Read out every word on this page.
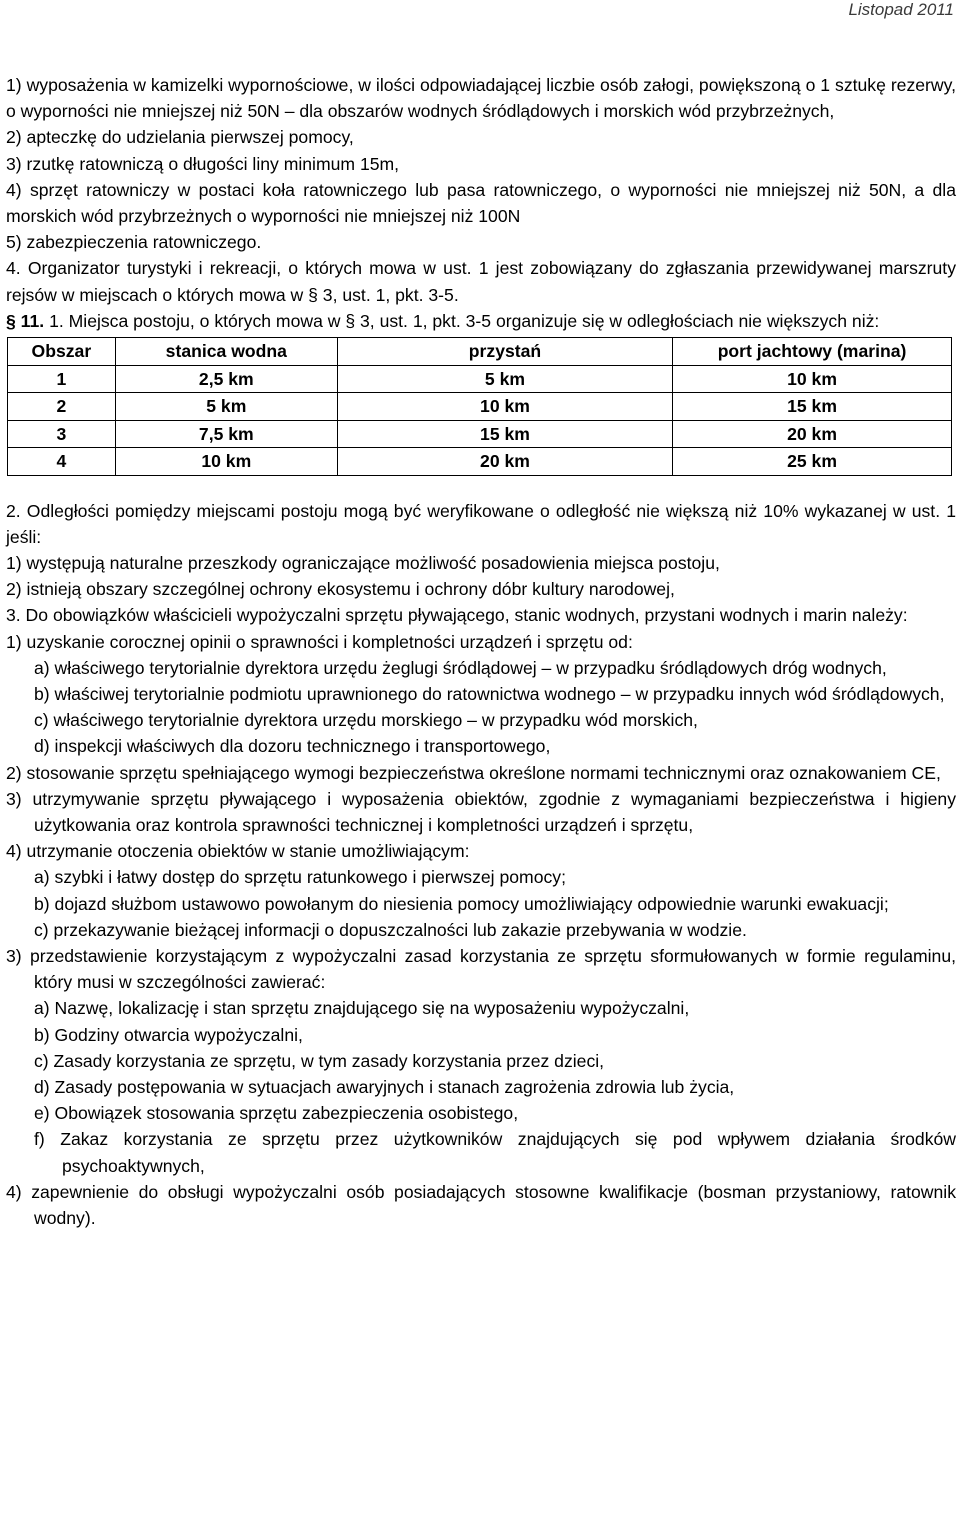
Listopad 2011

1) wyposażenia w kamizelki wypornościowe, w ilości odpowiadającej liczbie osób załogi, powiększoną o 1 sztukę rezerwy, o wyporności nie mniejszej niż 50N – dla obszarów wodnych śródlądowych i morskich wód przybrzeżnych,

2) apteczkę do udzielania pierwszej pomocy,

3) rzutkę ratowniczą o długości liny minimum 15m,

4) sprzęt ratowniczy w postaci koła ratowniczego lub pasa ratowniczego, o wyporności nie mniejszej niż 50N, a dla morskich wód przybrzeżnych o wyporności nie mniejszej niż 100N

5) zabezpieczenia ratowniczego.

4. Organizator turystyki i rekreacji, o których mowa w ust. 1 jest zobowiązany do zgłaszania przewidywanej marszruty rejsów w miejscach o których mowa w § 3, ust. 1, pkt. 3-5.

§ 11. 1. Miejsca postoju, o których mowa w § 3, ust. 1, pkt. 3-5 organizuje się w odległościach nie większych niż:

Obszar	stanica wodna	przystań	port jachtowy (marina)
1	2,5 km	5 km	10 km
2	5 km	10 km	15 km
3	7,5 km	15 km	20 km
4	10 km	20 km	25 km

2. Odległości pomiędzy miejscami postoju mogą być weryfikowane o odległość nie większą niż 10% wykazanej w ust. 1 jeśli:

1) występują naturalne przeszkody ograniczające możliwość posadowienia miejsca postoju,

2) istnieją obszary szczególnej ochrony ekosystemu i ochrony dóbr kultury narodowej,

3. Do obowiązków właścicieli wypożyczalni sprzętu pływającego, stanic wodnych, przystani wodnych i marin należy:

1) uzyskanie corocznej opinii o sprawności i kompletności urządzeń i sprzętu od:

a) właściwego terytorialnie dyrektora urzędu żeglugi śródlądowej – w przypadku śródlądowych dróg wodnych,

b) właściwej terytorialnie podmiotu uprawnionego do ratownictwa wodnego – w przypadku innych wód śródlądowych,

c) właściwego terytorialnie dyrektora urzędu morskiego – w przypadku wód morskich,

d) inspekcji właściwych dla dozoru technicznego i transportowego,

2) stosowanie sprzętu spełniającego wymogi bezpieczeństwa określone normami technicznymi oraz oznakowaniem CE,

3) utrzymywanie sprzętu pływającego i wyposażenia obiektów, zgodnie z wymaganiami bezpieczeństwa i higieny użytkowania oraz kontrola sprawności technicznej i kompletności urządzeń i sprzętu,

4) utrzymanie otoczenia obiektów w stanie umożliwiającym:

a) szybki i łatwy dostęp do sprzętu ratunkowego i pierwszej pomocy;

b) dojazd służbom ustawowo powołanym do niesienia pomocy umożliwiający odpowiednie warunki ewakuacji;

c) przekazywanie bieżącej informacji o dopuszczalności lub zakazie przebywania w wodzie.

3) przedstawienie korzystającym z wypożyczalni zasad korzystania ze sprzętu sformułowanych w formie regulaminu, który musi w szczególności zawierać:

a) Nazwę, lokalizację i stan sprzętu znajdującego się na wyposażeniu wypożyczalni,

b) Godziny otwarcia wypożyczalni,

c) Zasady korzystania ze sprzętu, w tym zasady korzystania przez dzieci,

d) Zasady postępowania w sytuacjach awaryjnych i stanach zagrożenia zdrowia lub życia,

e) Obowiązek stosowania sprzętu zabezpieczenia osobistego,

f) Zakaz korzystania ze sprzętu przez użytkowników znajdujących się pod wpływem działania środków psychoaktywnych,

4) zapewnienie do obsługi wypożyczalni osób posiadających stosowne kwalifikacje (bosman przystaniowy, ratownik wodny).
